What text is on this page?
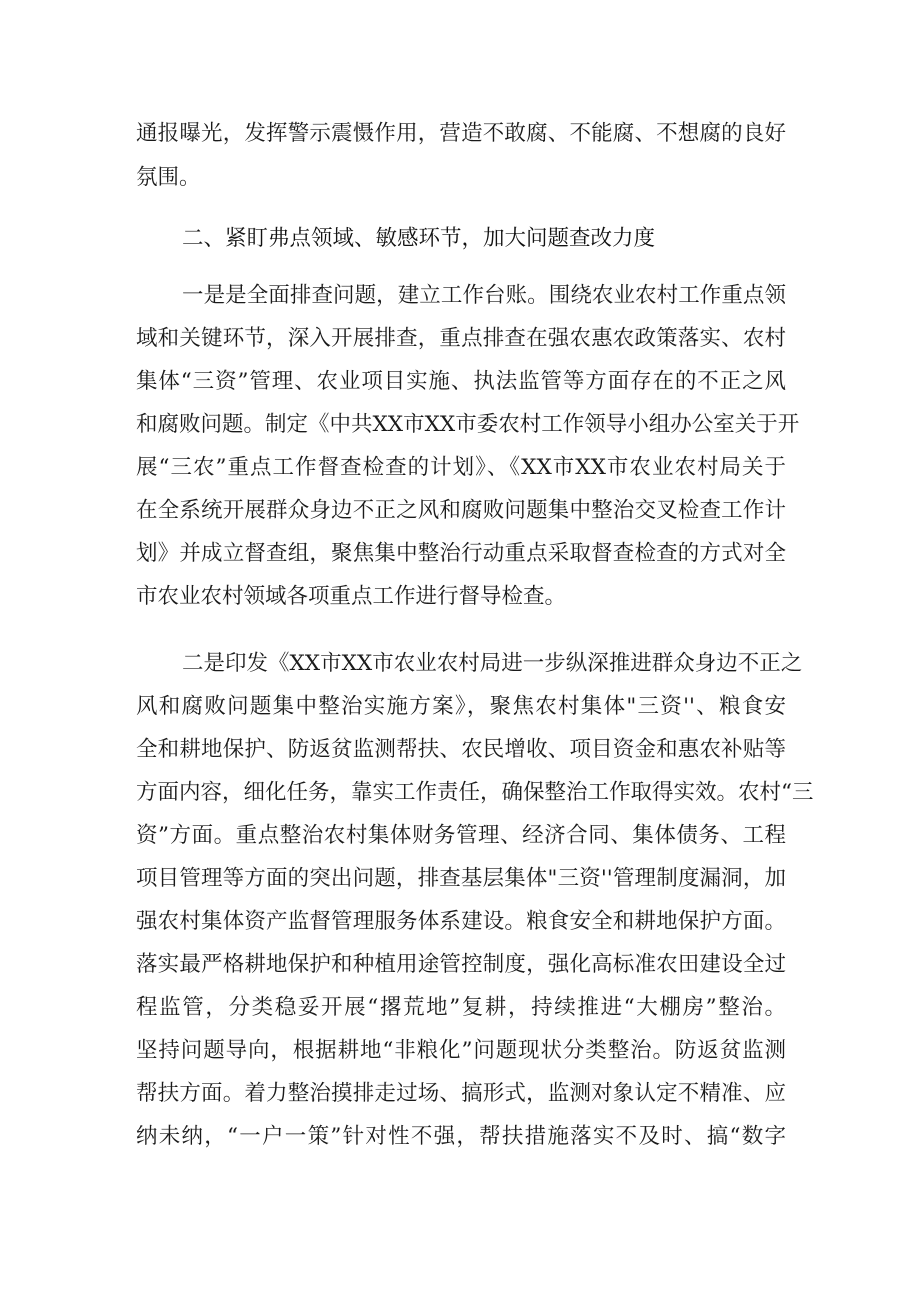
通报曝光，发挥警示震慑作用，营造不敢腐、不能腐、不想腐的良好

氛围。

二、紧盯弗点领域、敏感环节，加大问题查改力度

一是是全面排查问题，建立工作台账。围绕农业农村工作重点领

域和关键环节，深入开展排查，重点排查在强农惠农政策落实、农村

集体“三资”管理、农业项目实施、执法监管等方面存在的不正之风

和腐败问题。制定《中共XX市XX市委农村工作领导小组办公室关于开

展“三农”重点工作督查检查的计划》、《XX市XX市农业农村局关于

在全系统开展群众身边不正之风和腐败问题集中整治交叉检查工作计

划》并成立督查组，聚焦集中整治行动重点采取督查检查的方式对全

市农业农村领域各项重点工作进行督导检查。

二是印发《XX市XX市农业农村局进一步纵深推进群众身边不正之

风和腐败问题集中整治实施方案》，聚焦农村集体"三资''、粮食安

全和耕地保护、防返贫监测帮扶、农民增收、项目资金和惠农补贴等

方面内容，细化任务，靠实工作责任，确保整治工作取得实效。农村“三

资”方面。重点整治农村集体财务管理、经济合同、集体债务、工程

项目管理等方面的突出问题，排查基层集体"三资''管理制度漏洞，加

强农村集体资产监督管理服务体系建设。粮食安全和耕地保护方面。

落实最严格耕地保护和种植用途管控制度，强化高标准农田建设全过

程监管，分类稳妥开展“撂荒地”复耕，持续推进“大棚房”整治。

坚持问题导向，根据耕地“非粮化”问题现状分类整治。防返贫监测

帮扶方面。着力整治摸排走过场、搞形式，监测对象认定不精准、应

纳未纳，“一户一策”针对性不强，帮扶措施落实不及时、搞“数字
